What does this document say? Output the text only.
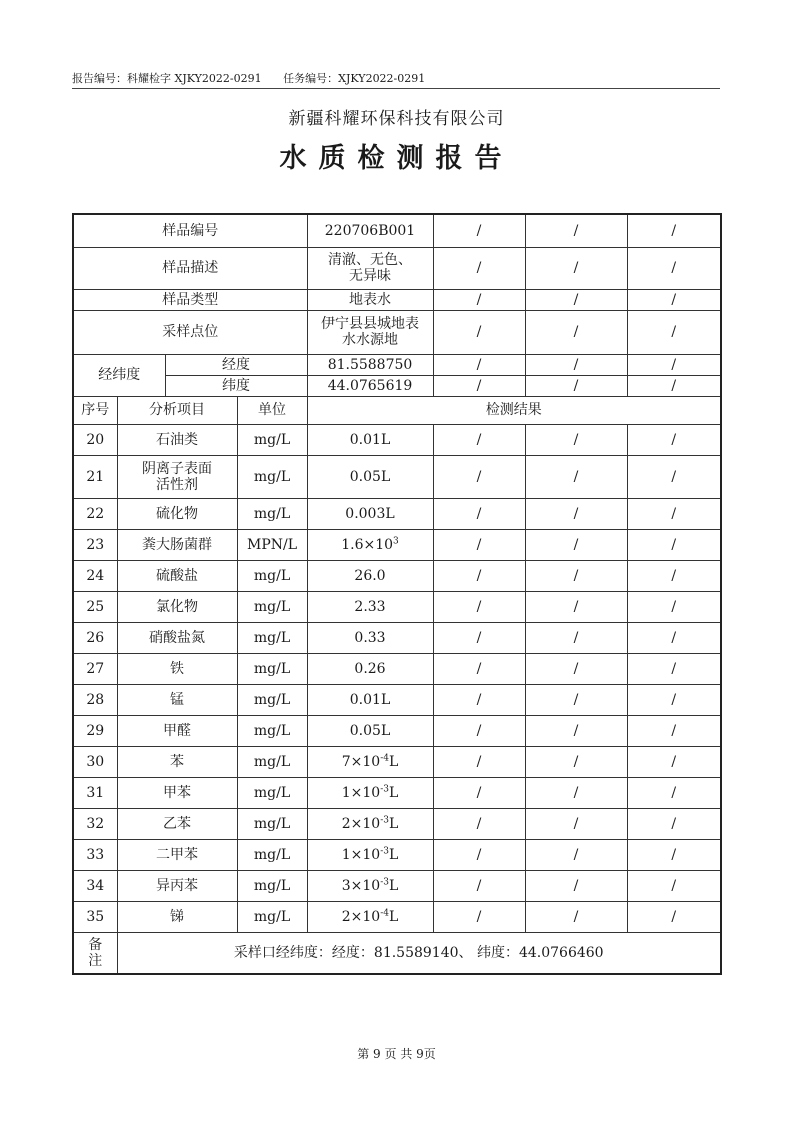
报告编号：科耀检字 XJKY2022-0291 任务编号：XJKY2022-0291
新疆科耀环保科技有限公司
水质检测报告
样品编号				220706B001	/	/	/
样品描述				清澈、无色、
无异味	/	/	/
样品类型				地表水	/	/	/
采样点位				伊宁县县城地表
水水源地	/	/	/
经纬度		经度		81.5588750	/	/	/
		纬度		44.0765619	/	/	/
序号	分析项目		单位	检测结果			
20	石油类		mg/L	0.01L	/	/	/
21	阴离子表面
活性剂		mg/L	0.05L	/	/	/
22	硫化物		mg/L	0.003L	/	/	/
23	粪大肠菌群		MPN/L	$1.6\times 10^3$	/	/	/
24	硫酸盐		mg/L	26.0	/	/	/
25	氯化物		mg/L	2.33	/	/	/
26	硝酸盐氮		mg/L	0.33	/	/	/
27	铁		mg/L	0.26	/	/	/
28	锰		mg/L	0.01L	/	/	/
29	甲醛		mg/L	0.05L	/	/	/
30	苯		mg/L	$7\times 10^{-4}L$	/	/	/
31	甲苯		mg/L	$1\times 10^{-3}L$	/	/	/
32	乙苯		mg/L	$2\times 10^{-3}L$	/	/	/
33	二甲苯		mg/L	$1\times 10^{-3}L$	/	/	/
34	异丙苯		mg/L	$3\times 10^{-3}L$	/	/	/
35	锑		mg/L	$2\times 10^{-4}L$	/	/	/

备
注	采样口经纬度：经度：81.5589140、 纬度：44.0766460						
第 9 页 共 9页
